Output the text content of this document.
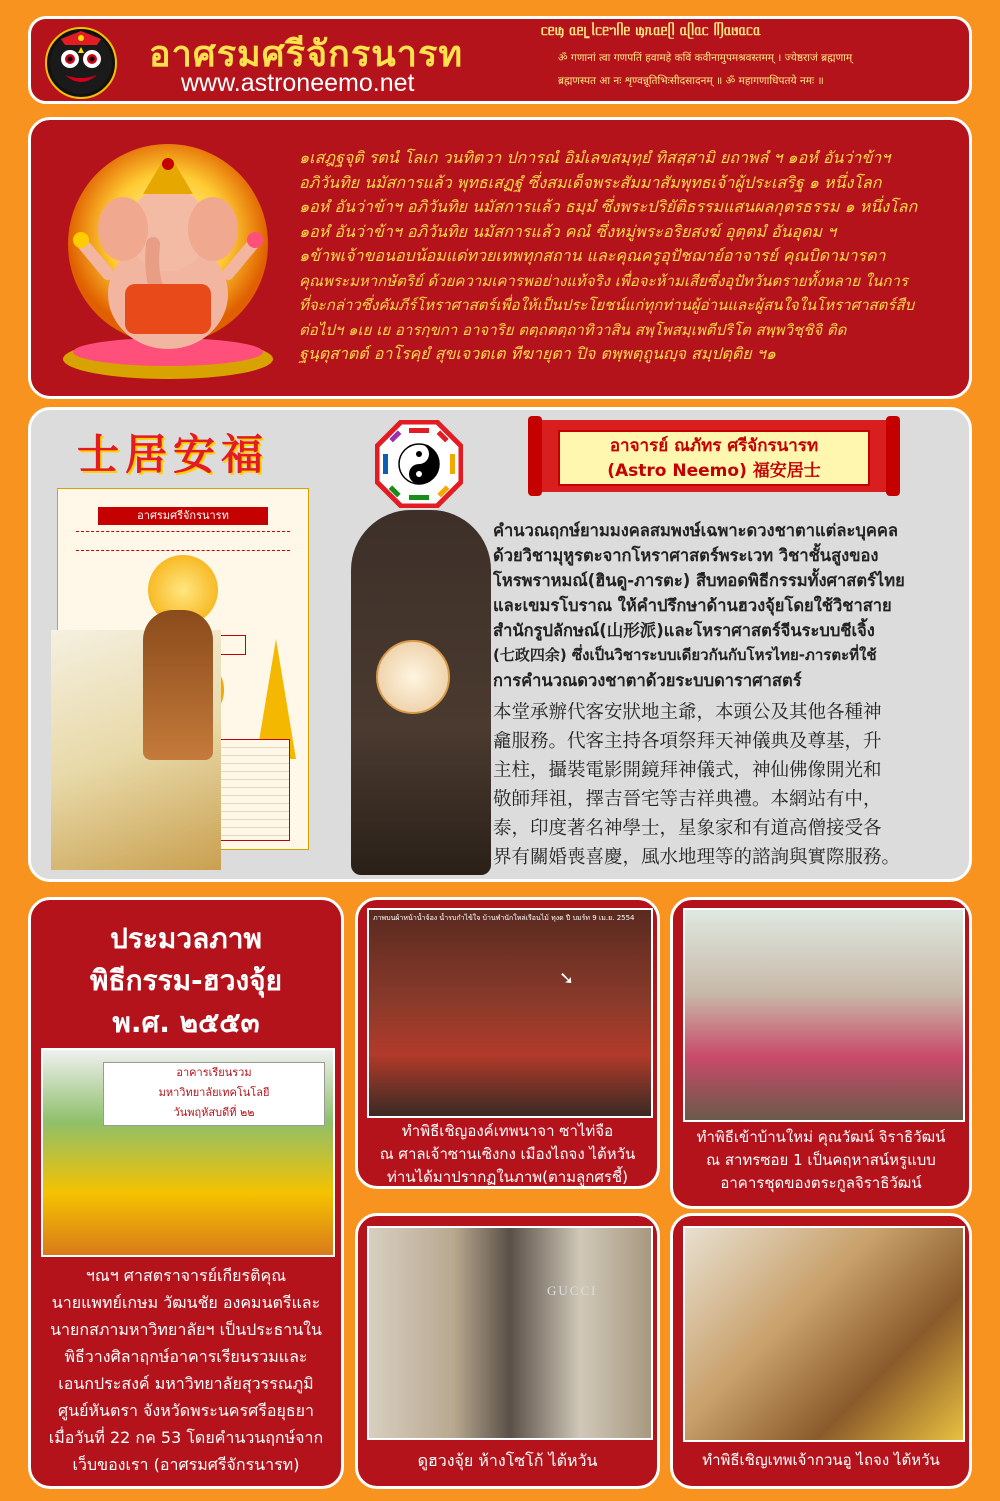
อาศรมศรีจักรนารท
www.astroneemo.net
ᥴᥱᥜ ᥲᥱᥧ ᥣᥴᥱᥐᥥᥱ ᥜᥰᥲᥱᥫ ᥲᥫᥲᥴ ᥬᥦᥲᥳᥲᥴᥲ
ॐ गणानां त्वा गणपतिं हवामहे कविं कवीनामुपमश्रवस्तमम् । ज्येष्ठराजं ब्रह्मणाम्
ब्रह्मणस्पत आ नः शृण्वन्नूतिभिःसीदसादनम् ॥ ॐ महागणाधिपतये नमः ॥
๑เสฎฐจุติ รตนํ โลเก วนทิตวา ปการณํ อิมํเลขสมฺทฺยํ ทิสสฺสามิ ยถาพลํ ฯ ๑อหํ อันว่าข้าฯ
อภิวันทิย นมัสการแล้ว พุทธเสฏฐํ ซึ่งสมเด็จพระสัมมาสัมพุทธเจ้าผู้ประเสริฐ ๑ หนึ่งโลก
๑อหํ อันว่าข้าฯ อภิวันทิย นมัสการแล้ว ธมฺมํ ซึ่งพระปริยัติธรรมแสนผลกุตรธรรม ๑ หนึ่งโลก
๑อหํ อันว่าข้าฯ อภิวันทิย นมัสการแล้ว คณํ ซึ่งหมู่พระอริยสงฆ์ อุตฺตมํ อันอุดม ฯ
๑ข้าพเจ้าขอนอบน้อมแด่ทวยเทพทุกสถาน และคุณครูอุปัชฌาย์อาจารย์ คุณบิดามารดา
คุณพระมหากษัตริย์ ด้วยความเคารพอย่างแท้จริง เพื่อจะห้ามเสียซึ่งอุปัทวันตรายทั้งหลาย ในการ
ที่จะกล่าวซึ่งคัมภีร์โหราศาสตร์เพื่อให้เป็นประโยชน์แก่ทุกท่านผู้อ่านและผู้สนใจในโหราศาสตร์สืบ
ต่อไปฯ ๑เย เย อารกฺขกา อาจาริย ตตฺถตตฺถาทิวาสิน สพฺโพสมฺเพตีปริโต สพฺพวิชฺชิจิ ติด
ฐนฺตุสาตต์ อาโรคฺยํ สุขเจวตเต ทีฆายุตา ปิจ ตพฺพตฺถูนญฺจ สมฺปตฺติย ฯ๑
士居安福	อาจารย์ ณภัทร ศรีจักรนารท
(Astro Neemo) 福安居士
อาศรมศรีจักรนารท
คำนวณฤกษ์ยามมงคลสมพงษ์เฉพาะดวงชาตาแต่ละบุคคล
ด้วยวิชามุหูรตะจากโหราศาสตร์พระเวท วิชาชั้นสูงของ
โหรพราหมณ์(ฮินดู-ภารตะ) สืบทอดพิธีกรรมทั้งศาสตร์ไทย
และเขมรโบราณ ให้คำปรึกษาด้านฮวงจุ้ยโดยใช้วิชาสาย
สำนักรูปลักษณ์(山形派)และโหราศาสตร์จีนระบบชีเจิ้ง
(七政四余) ซึ่งเป็นวิชาระบบเดียวกันกับโหรไทย-ภารตะที่ใช้
การคำนวณดวงชาตาด้วยระบบดาราศาสตร์
本堂承辦代客安狀地主爺，本頭公及其他各種神
龕服務。代客主持各項祭拜天神儀典及尊基，升
主柱，攝裝電影開鏡拜神儀式，神仙佛像開光和
敬師拜祖，擇吉晉宅等吉祥典禮。本網站有中，
泰，印度著名神學士，星象家和有道高僧接受各
界有關婚喪喜慶，風水地理等的諮詢與實際服務。
ประมวลภาพ
พิธีกรรม-ฮวงจุ้ย
พ.ศ. ๒๕๕๓
อาคารเรียนรวม
มหาวิทยาลัยเทคโนโลยี
วันพฤหัสบดีที่ ๒๒
ฯณฯ ศาสตราจารย์เกียรติคุณ
นายแพทย์เกษม วัฒนชัย องคมนตรีและ
นายกสภามหาวิทยาลัยฯ เป็นประธานใน
พิธีวางศิลาฤกษ์อาคารเรียนรวมและ
เอนกประสงค์ มหาวิทยาลัยสุวรรณภูมิ
ศูนย์หันตรา จังหวัดพระนครศรีอยุธยา
เมื่อวันที่ 22 กค 53 โดยคำนวนฤกษ์จาก
เว็บของเรา (อาศรมศรีจักรนารท)
ภาพบนผ้าหน้าน้ำจ้อง น้ำรบกำไข้ใจ บ้านพำนักใหล่เรือนไม้ ทุงด ปี บมร์ท 9 เม.ย. 2554
➘
ทำพิธีเชิญองค์เทพนาจา ซาไท่จือ
ณ ศาลเจ้าซานเซิงกง เมืองไถจง ไต้หวัน
ท่านได้มาปรากฏในภาพ(ตามลูกศรชี้)
ทำพิธีเข้าบ้านใหม่ คุณวัฒน์ จิราธิวัฒน์
ณ สาทรซอย 1 เป็นคฤหาสน์หรูแบบ
อาคารชุดของตระกูลจิราธิวัฒน์
GUCCI
ดูฮวงจุ้ย ห้างโซโก้ ไต้หวัน	ทำพิธีเชิญเทพเจ้ากวนอู ไถจง ไต้หวัน
